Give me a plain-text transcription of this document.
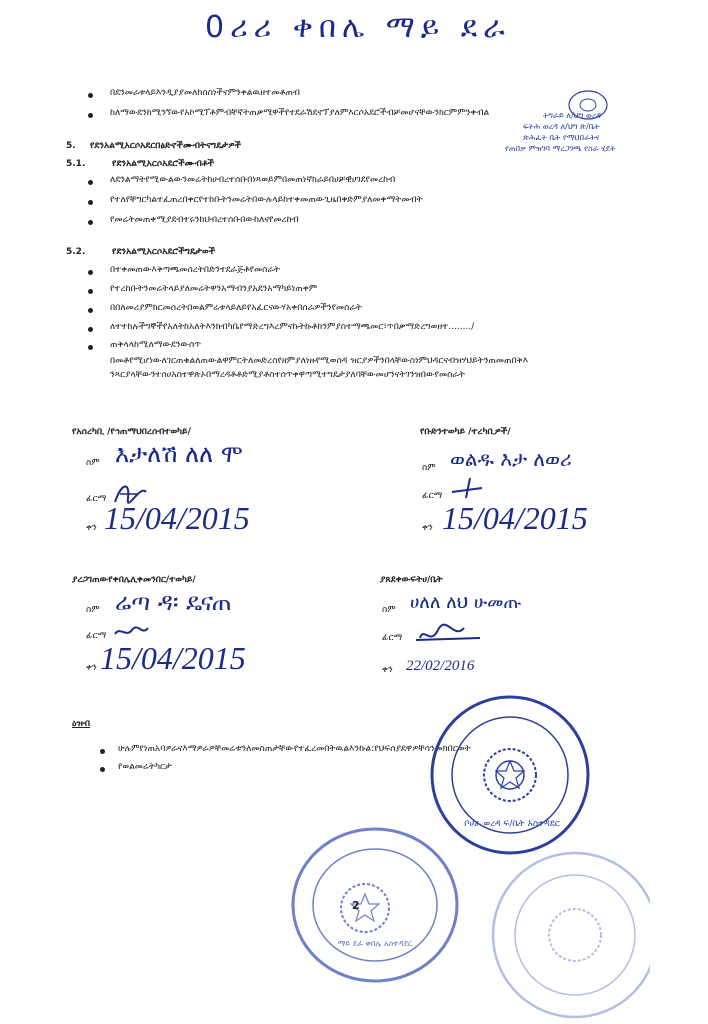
0ሪሪ ቀበሌ ማይ ደራ
በደንመራቱላይእንዲያያመለከስስነችናምንቀልዉዘተመቶጠብ
ከለማውደንከሚንኘውየአኮሚፕቶምብቸኛትጠቃሚዋችየተደራሽደኖፕያለምእርሶአደሮችብቻመሆናቸውንክርምምንቀብል	ትግራይ ለ/ህግ ወረዳ
ፍትሕ ወረዳ ለ/ህግ ጽ/ቤት
ጽሕፈት ቤት የማህበራትና
የጠበቃ ምዝገባ ማረጋገጫ የስራ ሂደት
5. የደንአልሚአርሶአደርበፅድኖችሙብትናግዴታዎች
5.1.	የደንአልሚአርሶአደሮችሙብቶች
ለደንልማትየሚውልውንመሬትከሀብረተሰቡበነጻወይምበመጠነኛክራይበሀቻዊሀገደየመረከብ
የተለየቸግርካልተፈጠረበቀርየተከቡትንመሬትበውሉላይከተቀመጠውጊዜበቀድምያለመቀማትመብት
የመሬትመጠቀሚያደብተሩንከህብረተሰቡበውከለናየመረከብ
5.2.	የደንአልሚአርሶአደሮችግዴታወች
በተቀመጠውእቅጣጫመሰረትበድንተደራጅቶየመስራት
የተረከቡትንመሬትላይያለመሬትዋንአማብንያአደንአማካይነጠቀም
በበለመሪያምክርመሰረትበወልምሬቱላይለይየአፈርናውሃአቀበሰራዎችንየመስራት
ለተተከሉችግኞችየአለትከአለትእንክብካቤየማድረግእረምናኩትኩቶክንምያስተማጫመር፣ጥበቃማድረግወዘተ......../
ጠቅላላከሚለማውደንውሰጥ
በመቶየሚሆነውለገርጠቁልለጠውልዋምርትለመድረስየዘምያለነዙየሚወሰዳ ዝርያዎችንበላቸውስነምህዳርናብዝሃህይትንጠመጠበቅእ
ንጻርያላቸውንተሰሀአስተዋጽኦበማረዳቶቶድሚያቶስተሰጥቀዋጣሚተግዴታያለባቸውመሆንናትገንዝበውየመስራት
የአሰረካቢ /የኅጠማህበረሰብተወካይ/
ስም እታለሽ ለለ ሞ
ፊርማ
ቀን 15/04/2015
የቡድንተወካይ /ተረካቢዎች/
ስም ወልዱ እታ ለወሪ
ፊርማ
ቀን 15/04/2015
ያረጋገጠውየቀበሌሊቀመንበር/ተወካይ/
ስም ሬጣ ዳ፡ ዴናጠ
ፊርማ
ቀን 15/04/2015
ያጸደቀውፍትሀ/ቤት
ስም ሀለለ ለህ ሁመጡ
ፊርማ
ቀን 22/02/2016
ዕዝብ
ሁሉምየነጠአባዎራናእማዎራዎቸመሬቱንለመስጠታቸውየተፈረመበትዉልእንኩል:የህፍሰያደዋዎቸሳንመክበርወት
የወልመሬትካርታ
ቦሀራ ወረዳ ፍ/ቤት አስተዳደር
ማይ ደራ ቀበሌ አስተዳደር
2
